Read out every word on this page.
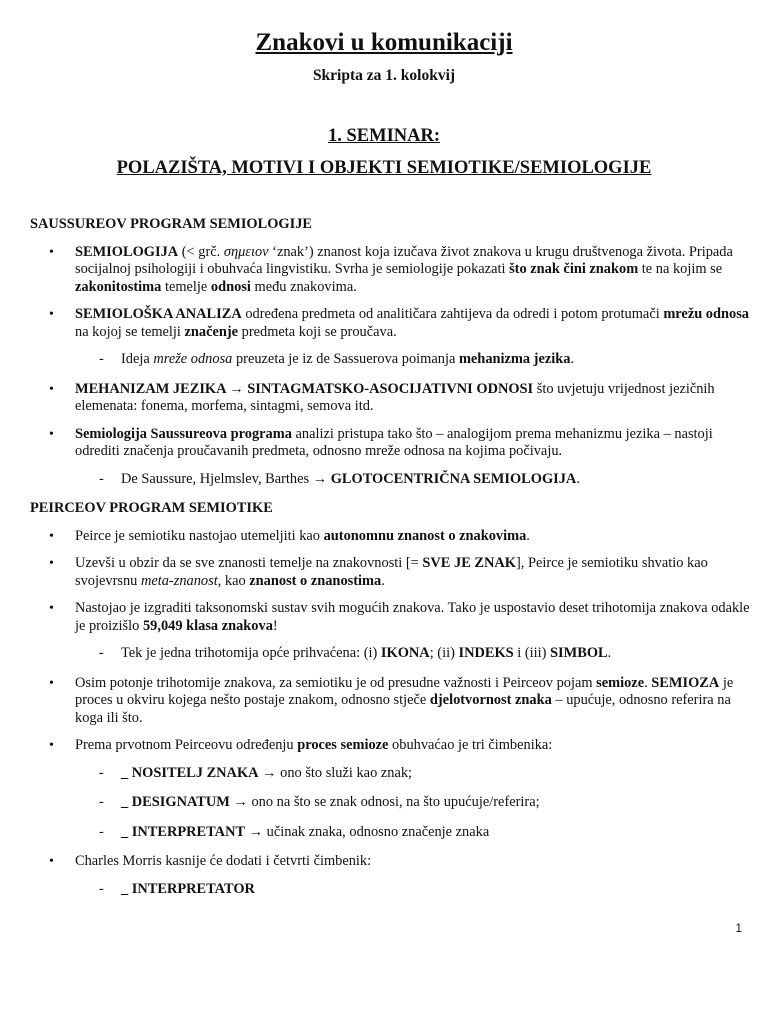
Znakovi u komunikaciji
Skripta za 1. kolokvij
1. SEMINAR:
POLAZIŠTA, MOTIVI I OBJEKTI SEMIOTIKE/SEMIOLOGIJE
SAUSSUREOV PROGRAM SEMIOLOGIJE
• SEMIOLOGIJA (< grč. σημειον ‘znak’) znanost koja izučava život znakova u krugu društvenoga života. Pripada socijalnoj psihologiji i obuhvaća lingvistiku. Svrha je semiologije pokazati što znak čini znakom te na kojim se zakonitostima temelje odnosi među znakovima.
• SEMIOLOŠKA ANALIZA određena predmeta od analitičara zahtijeva da odredi i potom protumači mrežu odnosa na kojoj se temelji značenje predmeta koji se proučava.
- Ideja mreže odnosa preuzeta je iz de Sassuerova poimanja mehanizma jezika.
• MEHANIZAM JEZIKA → SINTAGMATSKO-ASOCIJATIVNI ODNOSI što uvjetuju vrijednost jezičnih elemenata: fonema, morfema, sintagmi, semova itd.
• Semiologija Saussureova programa analizi pristupa tako što – analogijom prema mehanizmu jezika – nastoji odrediti značenja proučavanih predmeta, odnosno mreže odnosa na kojima počivaju.
- De Saussure, Hjelmslev, Barthes → GLOTOCENTRIČNA SEMIOLOGIJA.
PEIRCEOV PROGRAM SEMIOTIKE
• Peirce je semiotiku nastojao utemeljiti kao autonomnu znanost o znakovima.
• Uzevši u obzir da se sve znanosti temelje na znakovnosti [= SVE JE ZNAK], Peirce je semiotiku shvatio kao svojevrsnu meta-znanost, kao znanost o znanostima.
• Nastojao je izgraditi taksonomski sustav svih mogućih znakova. Tako je uspostavio deset trihotomija znakova odakle je proizišlo 59,049 klasa znakova!
- Tek je jedna trihotomija opće prihvaćena: (i) IKONA; (ii) INDEKS i (iii) SIMBOL.
• Osim potonje trihotomije znakova, za semiotiku je od presudne važnosti i Peirceov pojam semioze. SEMIOZA je proces u okviru kojega nešto postaje znakom, odnosno stječe djelotvornost znaka – upućuje, odnosno referira na koga ili što.
• Prema prvotnom Peirceovu određenju proces semioze obuhvaćao je tri čimbenika:
- _ NOSITELJ ZNAKA → ono što služi kao znak;
- _ DESIGNATUM → ono na što se znak odnosi, na što upućuje/referira;
- _ INTERPRETANT → učinak znaka, odnosno značenje znaka
• Charles Morris kasnije će dodati i četvrti čimbenik:
- _ INTERPRETATOR
1
